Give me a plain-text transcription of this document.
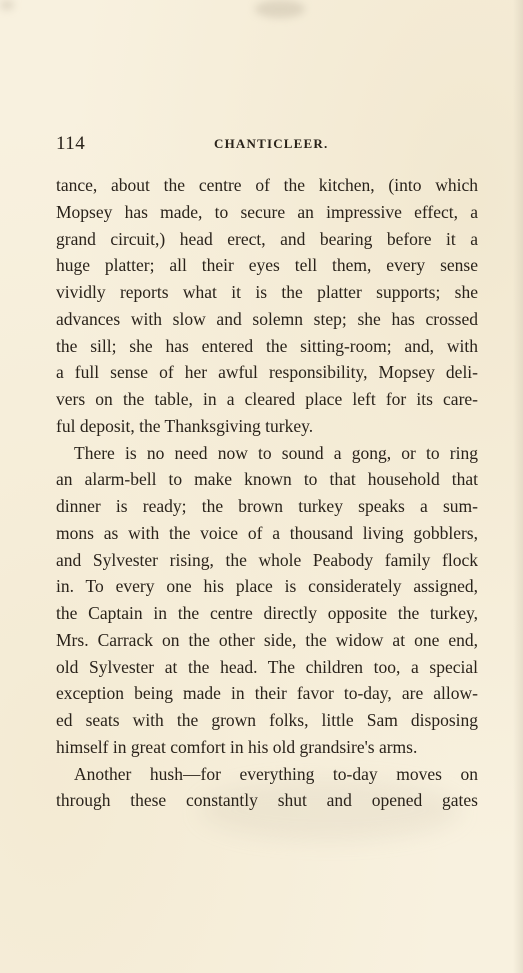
114	CHANTICLEER.
tance, about the centre of the kitchen, (into which
Mopsey has made, to secure an impressive effect, a
grand circuit,) head erect, and bearing before it a
huge platter; all their eyes tell them, every sense
vividly reports what it is the platter supports; she
advances with slow and solemn step; she has crossed
the sill; she has entered the sitting-room; and, with
a full sense of her awful responsibility, Mopsey deli-
vers on the table, in a cleared place left for its care-
ful deposit, the Thanksgiving turkey.
There is no need now to sound a gong, or to ring
an alarm-bell to make known to that household that
dinner is ready; the brown turkey speaks a sum-
mons as with the voice of a thousand living gobblers,
and Sylvester rising, the whole Peabody family flock
in. To every one his place is considerately assigned,
the Captain in the centre directly opposite the turkey,
Mrs. Carrack on the other side, the widow at one end,
old Sylvester at the head. The children too, a special
exception being made in their favor to-day, are allow-
ed seats with the grown folks, little Sam disposing
himself in great comfort in his old grandsire's arms.
Another hush—for everything to-day moves on
through these constantly shut and opened gates
